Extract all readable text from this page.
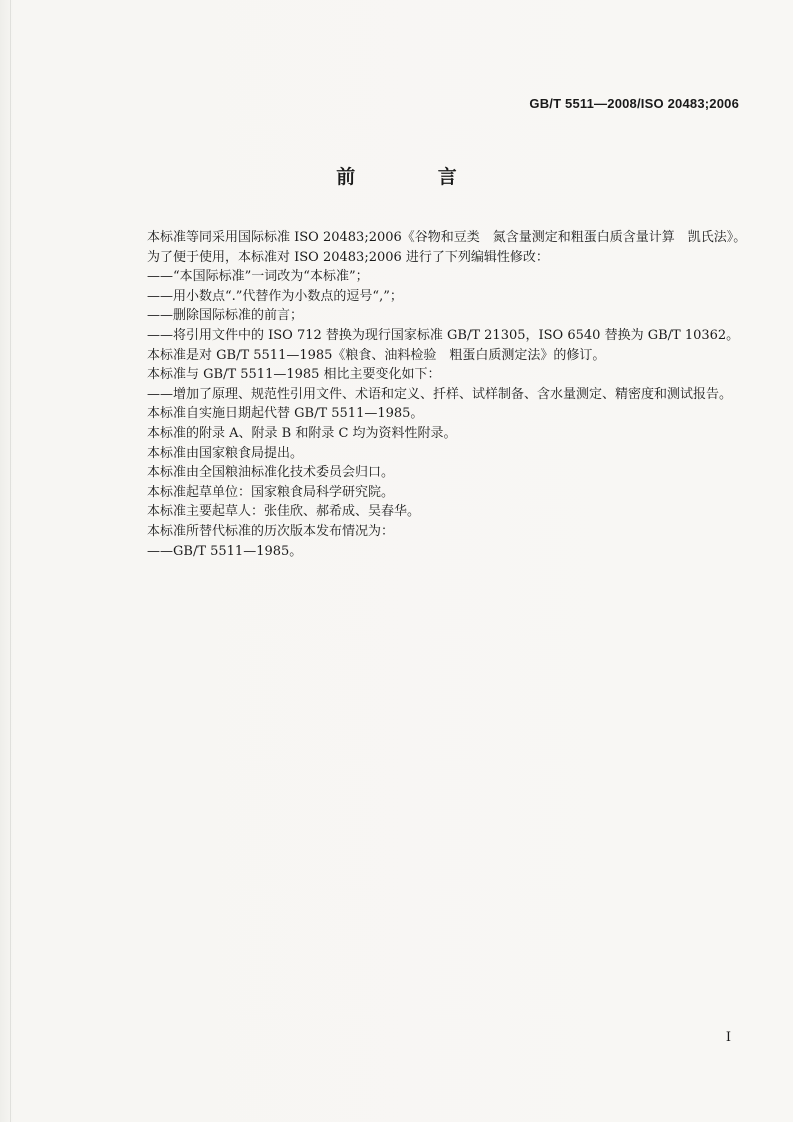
GB/T 5511—2008/ISO 20483;2006
前 言

本标准等同采用国际标准 ISO 20483;2006《谷物和豆类　氮含量测定和粗蛋白质含量计算　凯氏法》。

为了便于使用，本标准对 ISO 20483;2006 进行了下列编辑性修改：

——“本国际标准”一词改为“本标准”；

——用小数点“.”代替作为小数点的逗号“,”；

——删除国际标准的前言；

——将引用文件中的 ISO 712 替换为现行国家标准 GB/T 21305，ISO 6540 替换为 GB/T 10362。

本标准是对 GB/T 5511—1985《粮食、油料检验　粗蛋白质测定法》的修订。

本标准与 GB/T 5511—1985 相比主要变化如下：

——增加了原理、规范性引用文件、术语和定义、扦样、试样制备、含水量测定、精密度和测试报告。

本标准自实施日期起代替 GB/T 5511—1985。

本标准的附录 A、附录 B 和附录 C 均为资料性附录。

本标准由国家粮食局提出。

本标准由全国粮油标准化技术委员会归口。

本标准起草单位：国家粮食局科学研究院。

本标准主要起草人：张佳欣、郝希成、吴春华。

本标准所替代标准的历次版本发布情况为：

——GB/T 5511—1985。

I
